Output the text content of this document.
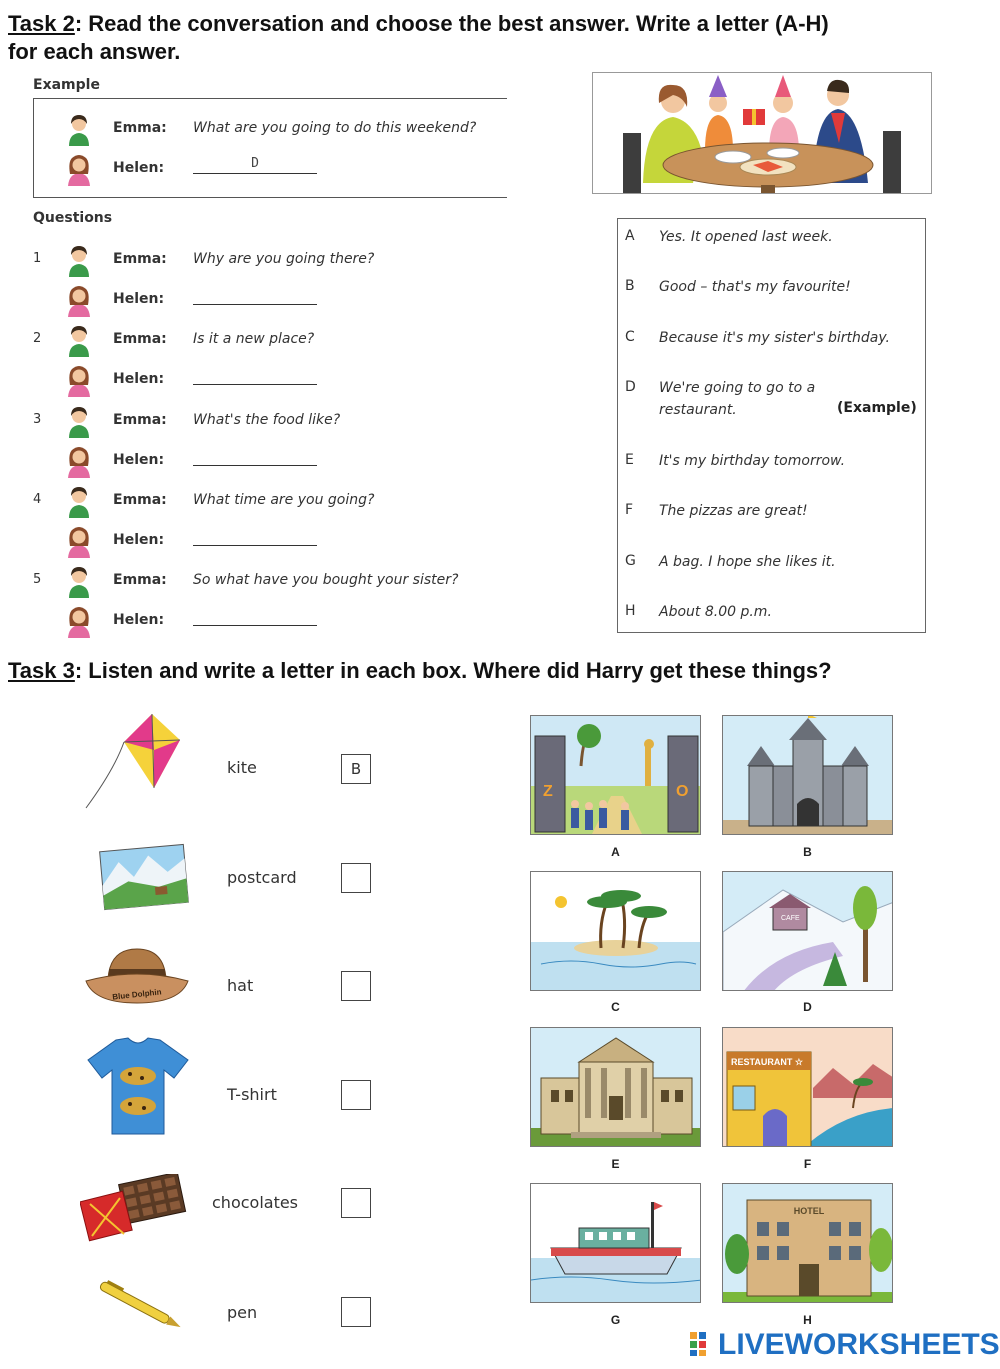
Task 2: Read the conversation and choose the best answer. Write a letter (A-H)
for each answer.
Example
Emma: What are you going to do this weekend?
Helen:	D
Questions
1	Emma: Why are you going there?
Helen:
2	Emma: Is it a new place?
Helen:
3	Emma: What's the food like?
Helen:
4	Emma: What time are you going?
Helen:
5	Emma: So what have you bought your sister?
Helen:
A Yes. It opened last week.
B Good – that's my favourite!
C Because it's my sister's birthday.
D We're going to go to a
restaurant.	(Example)
E It's my birthday tomorrow.
F The pizzas are great!
G A bag. I hope she likes it.
H About 8.00 p.m.
Task 3: Listen and write a letter in each box. Where did Harry get these things?
kite	B
postcard
Blue Dolphin	hat
T-shirt
chocolates
pen
Z	O
A	B
C
CAFE
D
E
RESTAURANT ☆
F
G
HOTEL
H
LIVEWORKSHEETS
